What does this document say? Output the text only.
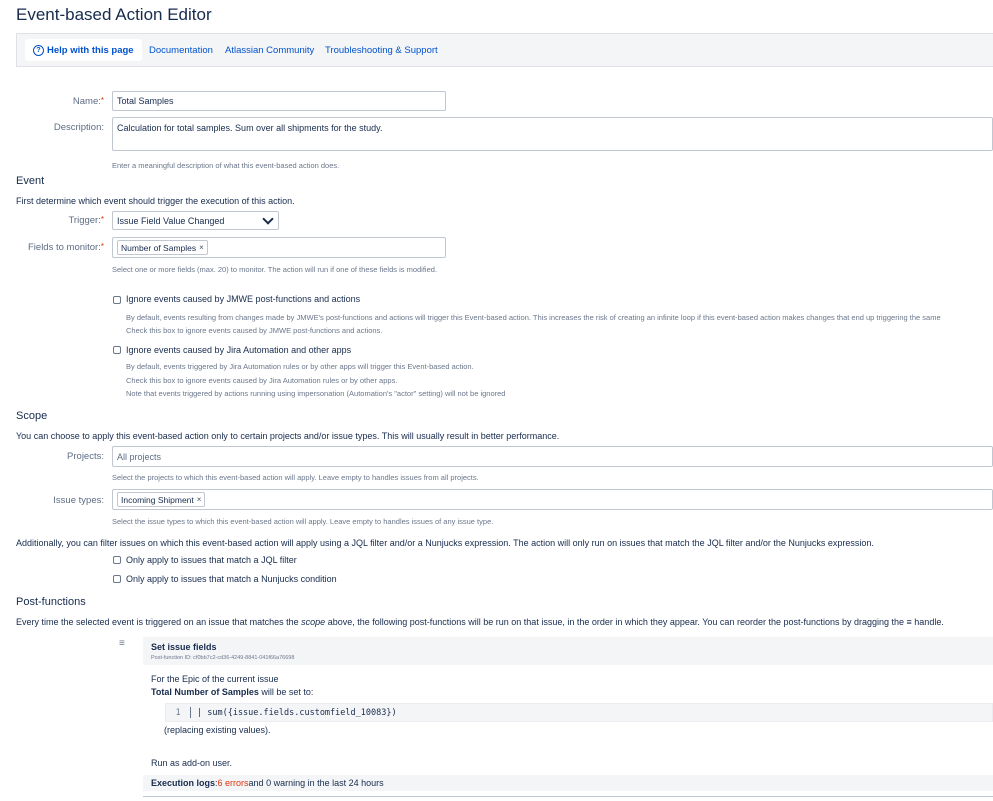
Event-based Action Editor
? Help with this page Documentation Atlassian Community Troubleshooting & Support
Name:* Total Samples
Description: Calculation for total samples. Sum over all shipments for the study.
Enter a meaningful description of what this event-based action does.
Event
First determine which event should trigger the execution of this action.
Trigger:* Issue Field Value Changed
Fields to monitor:* Number of Samples ×
Select one or more fields (max. 20) to monitor. The action will run if one of these fields is modified.
Ignore events caused by JMWE post-functions and actions
By default, events resulting from changes made by JMWE's post-functions and actions will trigger this Event-based action. This increases the risk of creating an infinite loop if this event-based action makes changes that end up triggering the same
Check this box to ignore events caused by JMWE post-functions and actions.
Ignore events caused by Jira Automation and other apps
By default, events triggered by Jira Automation rules or by other apps will trigger this Event-based action.
Check this box to ignore events caused by Jira Automation rules or by other apps.
Note that events triggered by actions running using impersonation (Automation's "actor" setting) will not be ignored
Scope
You can choose to apply this event-based action only to certain projects and/or issue types. This will usually result in better performance.
Projects: All projects
Select the projects to which this event-based action will apply. Leave empty to handles issues from all projects.
Issue types: Incoming Shipment ×
Select the issue types to which this event-based action will apply. Leave empty to handles issues of any issue type.
Additionally, you can filter issues on which this event-based action will apply using a JQL filter and/or a Nunjucks expression. The action will only run on issues that match the JQL filter and/or the Nunjucks expression.
Only apply to issues that match a JQL filter
Only apply to issues that match a Nunjucks condition
Post-functions
Every time the selected event is triggered on an issue that matches the scope above, the following post-functions will be run on that issue, in the order in which they appear. You can reorder the post-functions by dragging the ≡ handle.
≡	Set issue fields
Post-function ID: cf0bb7c2-cd36-4249-8841-041f66a76698
For the Epic of the current issue
Total Number of Samples will be set to:
1	| sum({issue.fields.customfield_10083})
(replacing existing values).
Run as add-on user.
Execution logs : 6 errors and 0 warning in the last 24 hours
